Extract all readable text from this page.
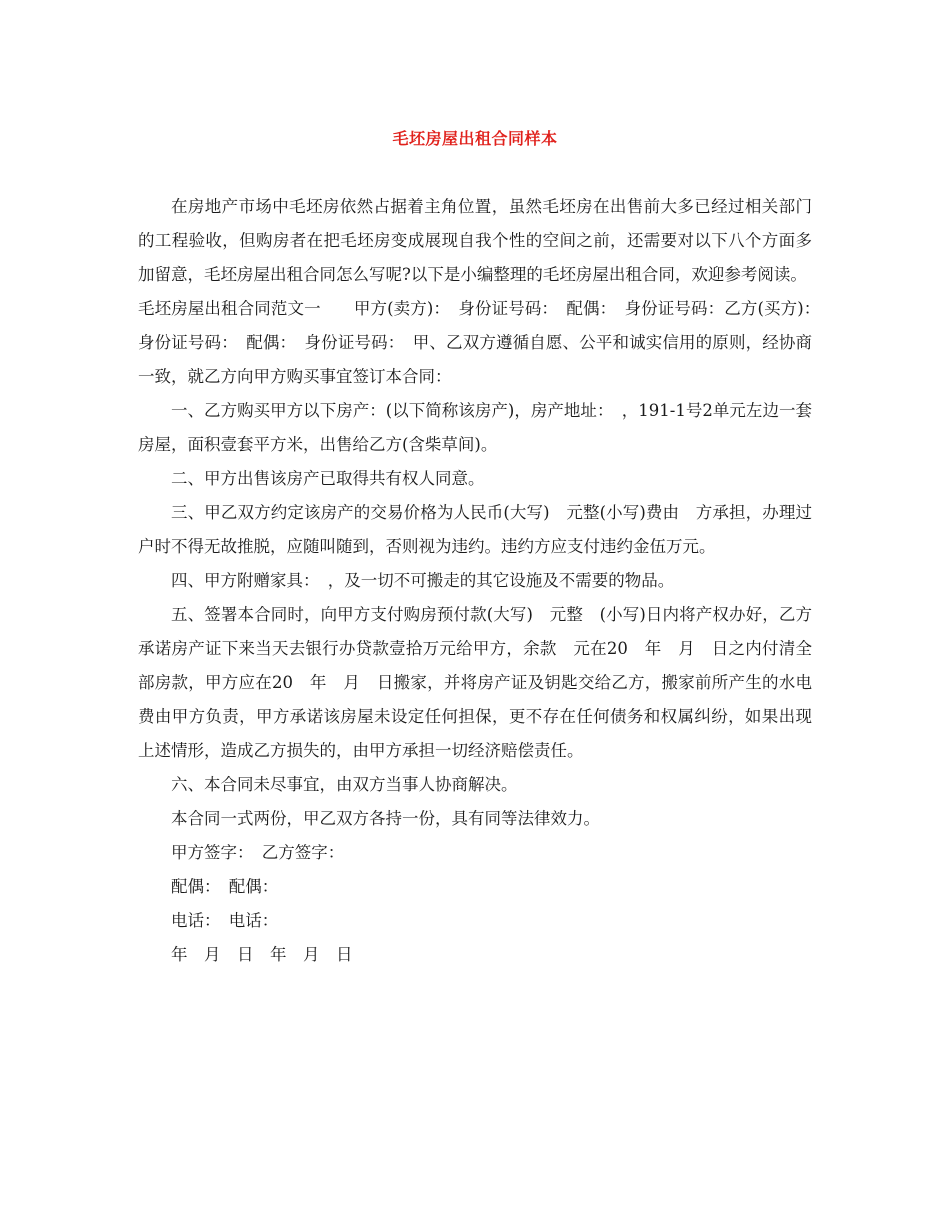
毛坯房屋出租合同样本

在房地产市场中毛坯房依然占据着主角位置，虽然毛坯房在出售前大多已经过相关部门的工程验收，但购房者在把毛坯房变成展现自我个性的空间之前，还需要对以下八个方面多加留意，毛坯房屋出租合同怎么写呢?以下是小编整理的毛坯房屋出租合同，欢迎参考阅读。

毛坯房屋出租合同范文一　　甲方(卖方)：　身份证号码：　配偶：　身份证号码：乙方(买方)：　身份证号码：　配偶：　身份证号码：　甲、乙双方遵循自愿、公平和诚实信用的原则，经协商一致，就乙方向甲方购买事宜签订本合同：

一、乙方购买甲方以下房产：(以下简称该房产)，房产地址：　，191-1号2单元左边一套房屋，面积壹套平方米，出售给乙方(含柴草间)。

二、甲方出售该房产已取得共有权人同意。

三、甲乙双方约定该房产的交易价格为人民币(大写)　元整(小写)费由　方承担，办理过户时不得无故推脱，应随叫随到，否则视为违约。违约方应支付违约金伍万元。

四、甲方附赠家具：　，及一切不可搬走的其它设施及不需要的物品。

五、签署本合同时，向甲方支付购房预付款(大写)　元整　(小写)日内将产权办好，乙方承诺房产证下来当天去银行办贷款壹拾万元给甲方，余款　元在20　年　月　日之内付清全部房款，甲方应在20　年　月　日搬家，并将房产证及钥匙交给乙方，搬家前所产生的水电费由甲方负责，甲方承诺该房屋未设定任何担保，更不存在任何债务和权属纠纷，如果出现上述情形，造成乙方损失的，由甲方承担一切经济赔偿责任。

六、本合同未尽事宜，由双方当事人协商解决。

本合同一式两份，甲乙双方各持一份，具有同等法律效力。

甲方签字：　乙方签字：

配偶：　配偶：

电话：　电话：

年　月　日　年　月　日
